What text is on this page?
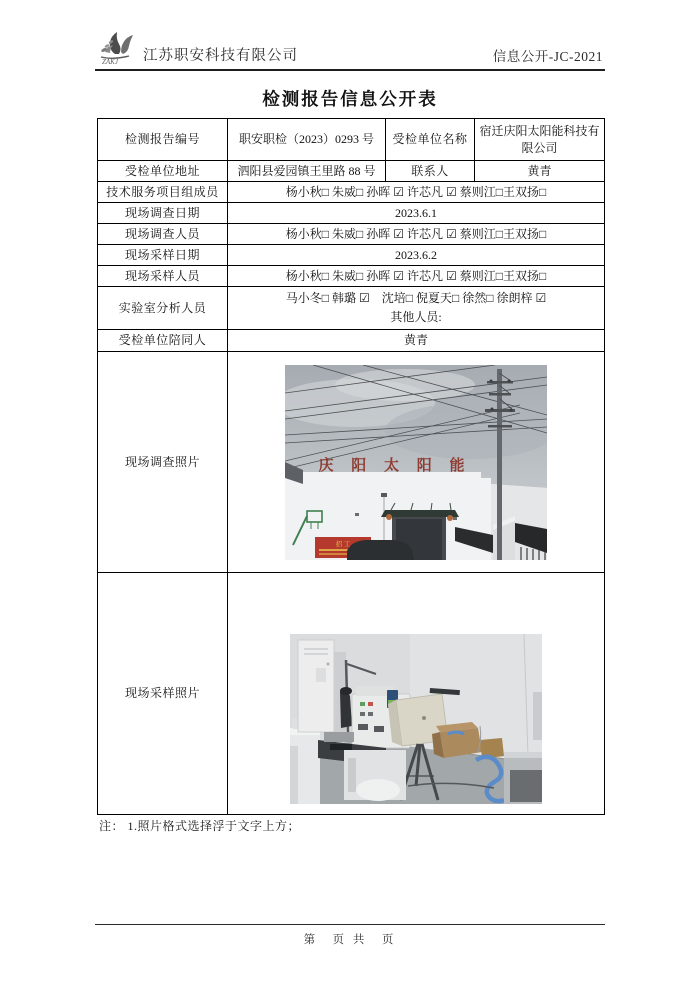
ZAKJ 江苏职安科技有限公司	信息公开-JC-2021
检测报告信息公开表
检测报告编号	职安职检（2023）0293 号	受检单位名称	宿迁庆阳太阳能科技有限公司
受检单位地址	泗阳县爱园镇王里路 88 号	联系人	黄青
技术服务项目组成员	杨小秋□ 朱威□ 孙晖 ☑ 许芯凡 ☑ 蔡则江□王双扬□		
现场调查日期	2023.6.1		
现场调查人员	杨小秋□ 朱威□ 孙晖 ☑ 许芯凡 ☑ 蔡则江□王双扬□		
现场采样日期	2023.6.2		
现场采样人员	杨小秋□ 朱威□ 孙晖 ☑ 许芯凡 ☑ 蔡则江□王双扬□		
实验室分析人员	马小冬□ 韩璐 ☑　沈培□ 倪夏天□ 徐然□ 徐朗梓 ☑
其他人员:		

受检单位陪同人	黄青		
现场调查照片	庆 阳 太 阳 能
招 工		

现场采样照片	
注： 1.照片格式选择浮于文字上方；
第　页 共　页
